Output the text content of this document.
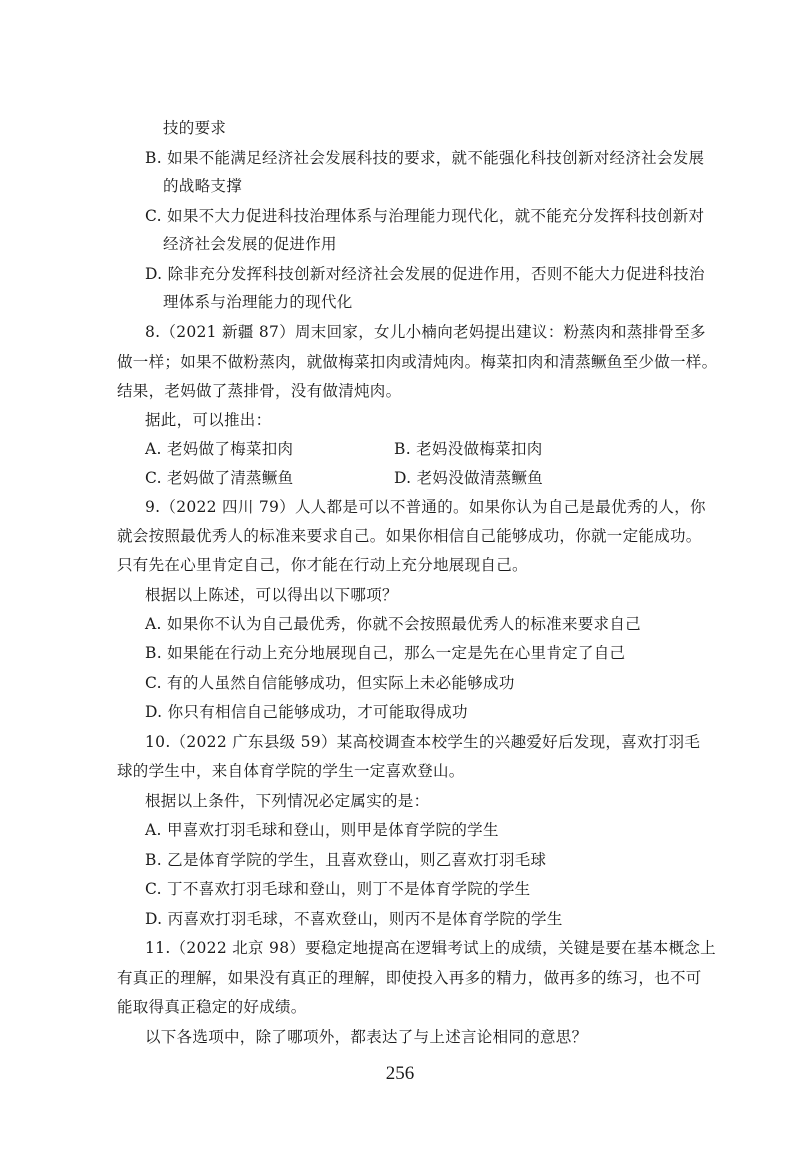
技的要求
B. 如果不能满足经济社会发展科技的要求，就不能强化科技创新对经济社会发展
的战略支撑
C. 如果不大力促进科技治理体系与治理能力现代化，就不能充分发挥科技创新对
经济社会发展的促进作用
D. 除非充分发挥科技创新对经济社会发展的促进作用，否则不能大力促进科技治
理体系与治理能力的现代化
8.（2021 新疆 87）周末回家，女儿小楠向老妈提出建议：粉蒸肉和蒸排骨至多
做一样；如果不做粉蒸肉，就做梅菜扣肉或清炖肉。梅菜扣肉和清蒸鳜鱼至少做一样。
结果，老妈做了蒸排骨，没有做清炖肉。
据此，可以推出：
A. 老妈做了梅菜扣肉	B. 老妈没做梅菜扣肉
C. 老妈做了清蒸鳜鱼	D. 老妈没做清蒸鳜鱼
9.（2022 四川 79）人人都是可以不普通的。如果你认为自己是最优秀的人，你
就会按照最优秀人的标准来要求自己。如果你相信自己能够成功，你就一定能成功。
只有先在心里肯定自己，你才能在行动上充分地展现自己。
根据以上陈述，可以得出以下哪项？
A. 如果你不认为自己最优秀，你就不会按照最优秀人的标准来要求自己
B. 如果能在行动上充分地展现自己，那么一定是先在心里肯定了自己
C. 有的人虽然自信能够成功，但实际上未必能够成功
D. 你只有相信自己能够成功，才可能取得成功
10.（2022 广东县级 59）某高校调查本校学生的兴趣爱好后发现，喜欢打羽毛
球的学生中，来自体育学院的学生一定喜欢登山。
根据以上条件，下列情况必定属实的是：
A. 甲喜欢打羽毛球和登山，则甲是体育学院的学生
B. 乙是体育学院的学生，且喜欢登山，则乙喜欢打羽毛球
C. 丁不喜欢打羽毛球和登山，则丁不是体育学院的学生
D. 丙喜欢打羽毛球，不喜欢登山，则丙不是体育学院的学生
11.（2022 北京 98）要稳定地提高在逻辑考试上的成绩，关键是要在基本概念上
有真正的理解，如果没有真正的理解，即使投入再多的精力，做再多的练习，也不可
能取得真正稳定的好成绩。
以下各选项中，除了哪项外，都表达了与上述言论相同的意思？
256
